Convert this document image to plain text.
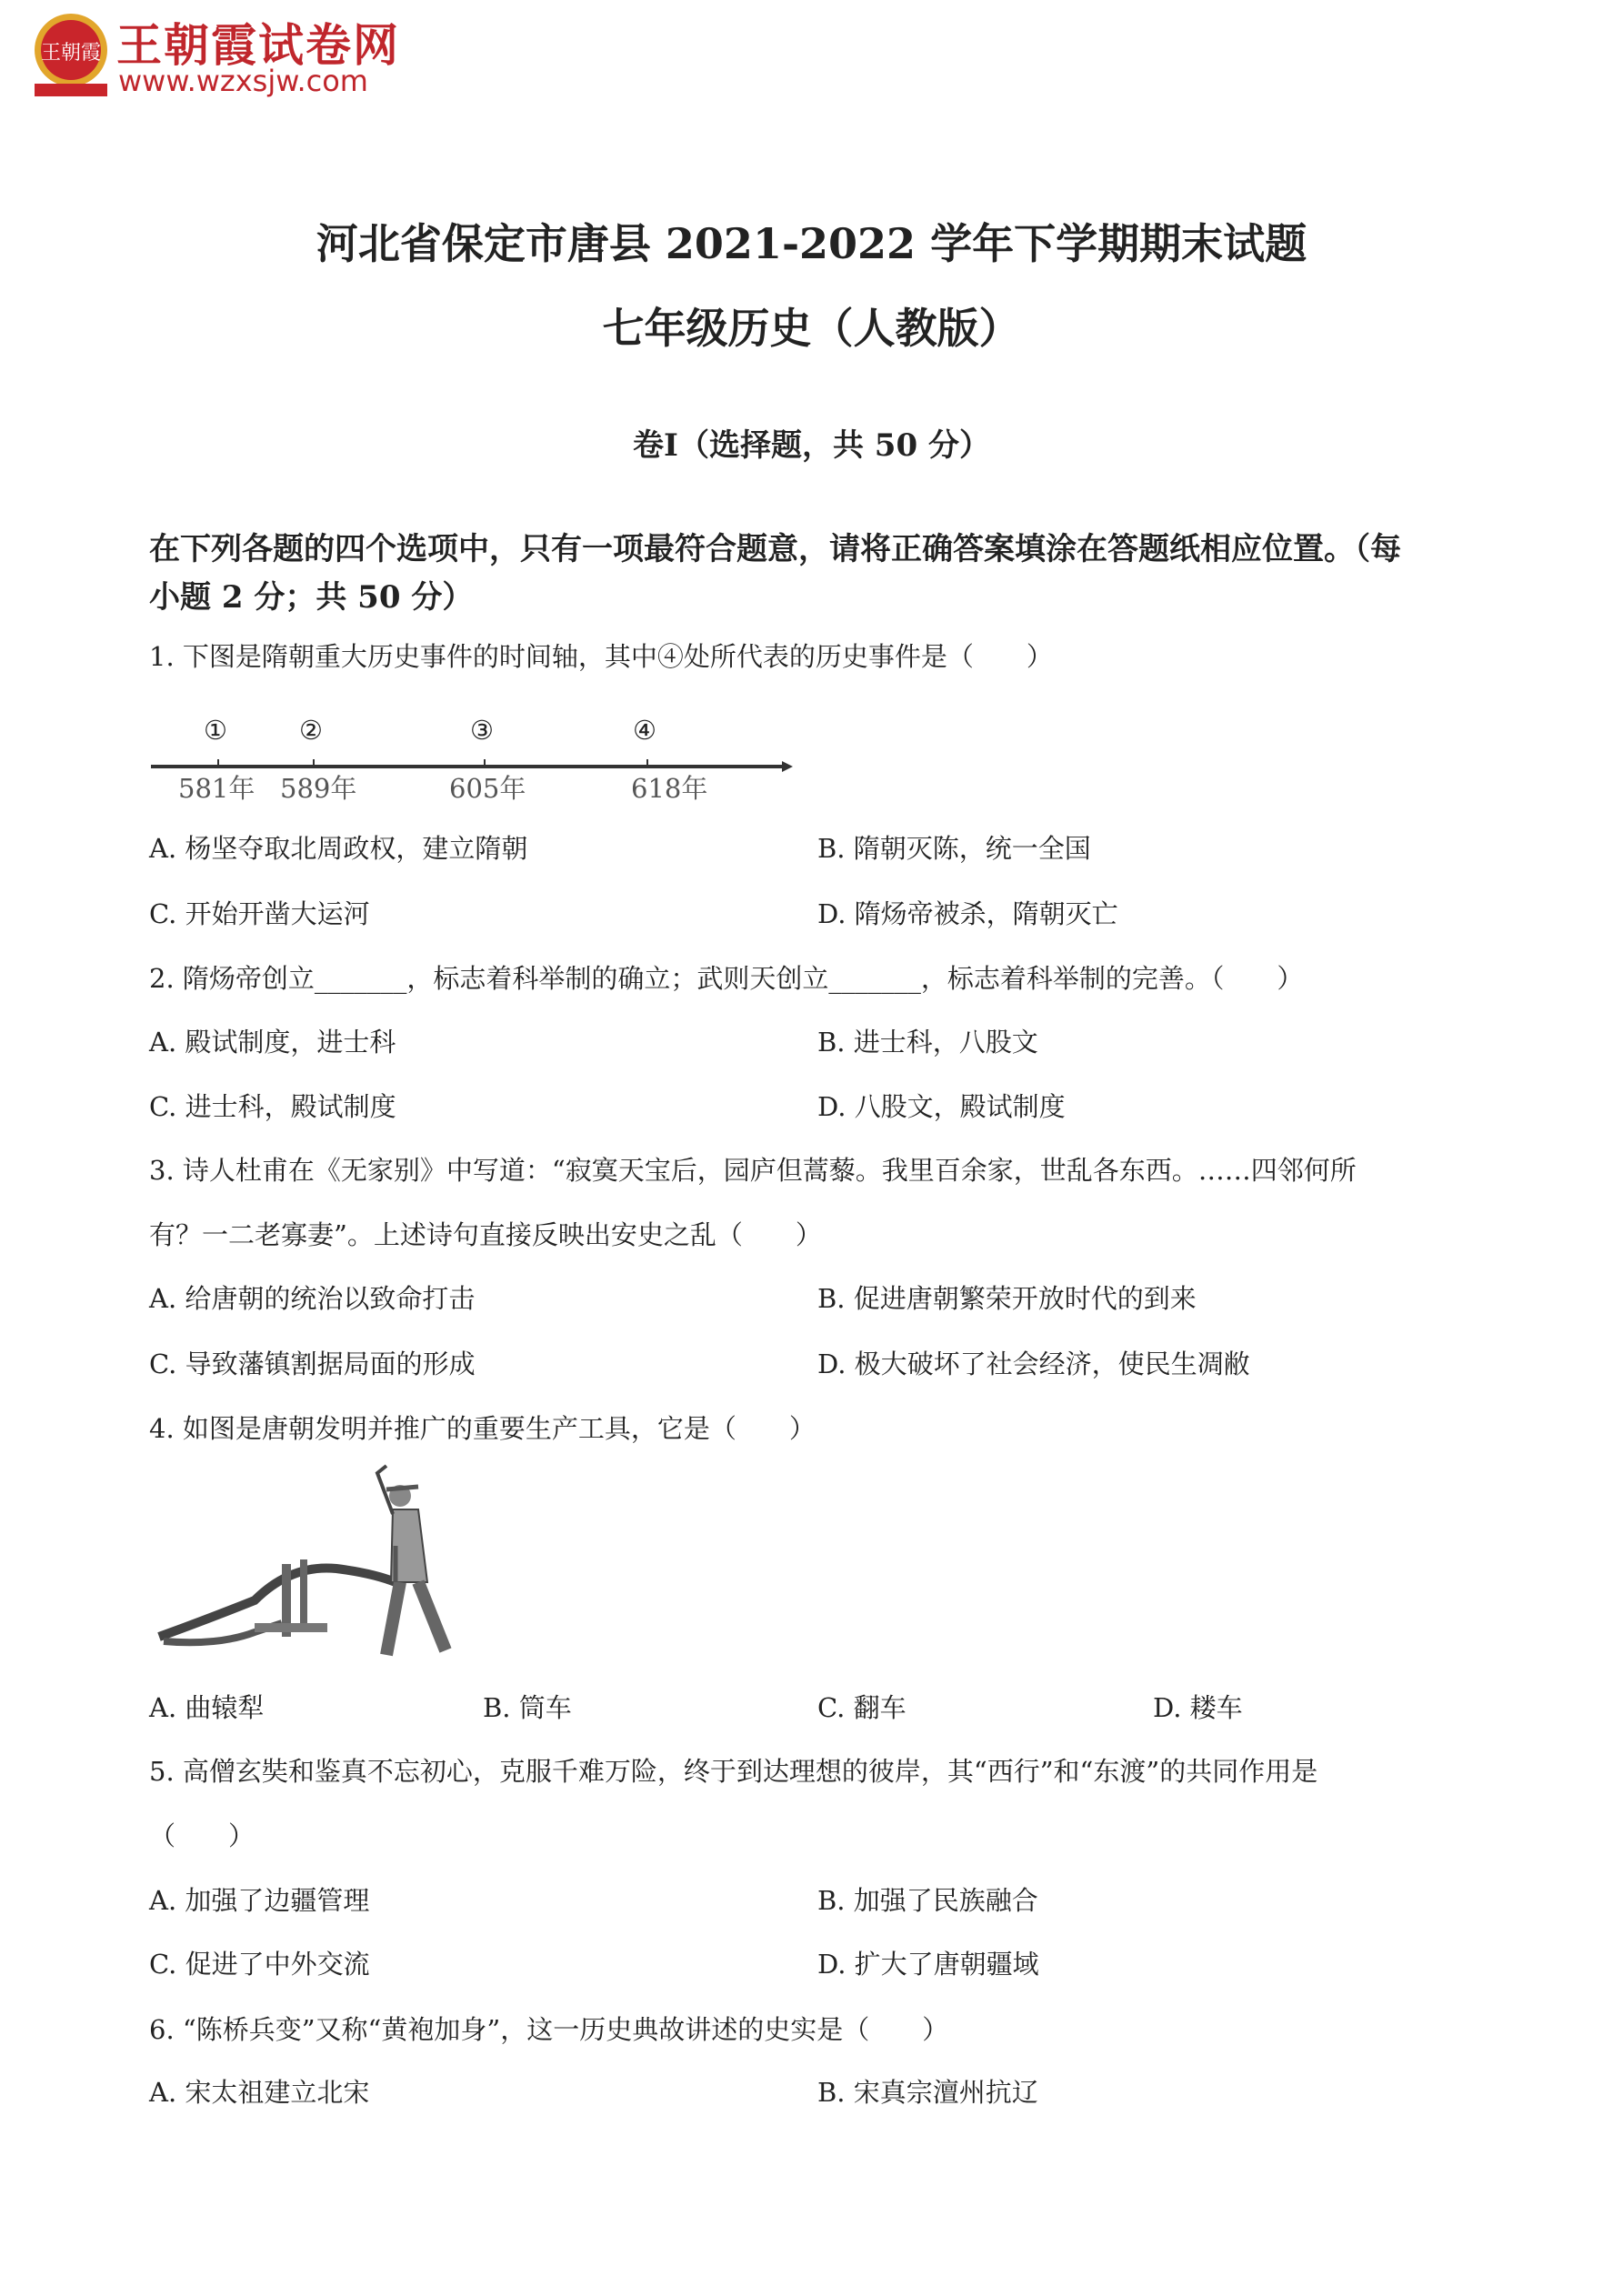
王朝霞 王朝霞试卷网
www.wzxsjw.com
河北省保定市唐县 2021-2022 学年下学期期末试题
七年级历史（人教版）
卷I（选择题，共 50 分）
在下列各题的四个选项中，只有一项最符合题意，请将正确答案填涂在答题纸相应位置。（每
小题 2 分；共 50 分）
1. 下图是隋朝重大历史事件的时间轴，其中④处所代表的历史事件是（　　）
①	②	③	④
581年 589年	605年	618年
A. 杨坚夺取北周政权，建立隋朝	B. 隋朝灭陈，统一全国
C. 开始开凿大运河	D. 隋炀帝被杀，隋朝灭亡
2. 隋炀帝创立_______，标志着科举制的确立；武则天创立_______，标志着科举制的完善。（　　）
A. 殿试制度，进士科	B. 进士科，八股文
C. 进士科，殿试制度	D. 八股文，殿试制度
3. 诗人杜甫在《无家别》中写道：“寂寞天宝后，园庐但蒿藜。我里百余家，世乱各东西。……四邻何所
有？一二老寡妻”。上述诗句直接反映出安史之乱（　　）
A. 给唐朝的统治以致命打击	B. 促进唐朝繁荣开放时代的到来
C. 导致藩镇割据局面的形成	D. 极大破坏了社会经济，使民生凋敝
4. 如图是唐朝发明并推广的重要生产工具，它是（　　）
A. 曲辕犁	B. 筒车	C. 翻车	D. 耧车
5. 高僧玄奘和鉴真不忘初心，克服千难万险，终于到达理想的彼岸，其“西行”和“东渡”的共同作用是
（　　）
A. 加强了边疆管理	B. 加强了民族融合
C. 促进了中外交流	D. 扩大了唐朝疆域
6. “陈桥兵变”又称“黄袍加身”，这一历史典故讲述的史实是（　　）
A. 宋太祖建立北宋	B. 宋真宗澶州抗辽
